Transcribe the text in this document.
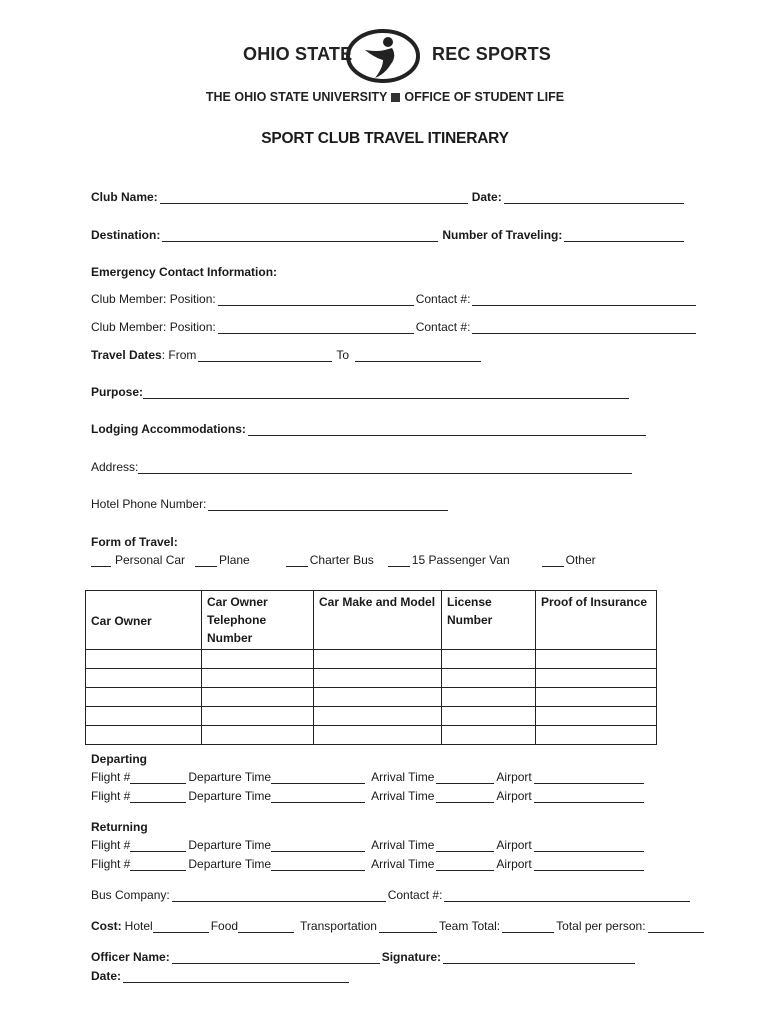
OHIO STATE	REC SPORTS
THE OHIO STATE UNIVERSITY OFFICE OF STUDENT LIFE
SPORT CLUB TRAVEL ITINERARY
Club Name:	Date:
Destination:	Number of Traveling:
Emergency Contact Information:
Club Member: Position:	Contact #:
Club Member: Position:	Contact #:
Travel Dates : From	To
Purpose:
Lodging Accommodations:
Address:
Hotel Phone Number:
Form of Travel:
Personal Car	Plane	Charter Bus	15 Passenger Van	Other
Car Owner	Car Owner Telephone Number	Car Make and Model	License Number	Proof of Insurance

Departing
Flight #	Departure Time	Arrival Time	Airport
Flight #	Departure Time	Arrival Time	Airport
Returning
Flight #	Departure Time	Arrival Time	Airport
Flight #	Departure Time	Arrival Time	Airport
Bus Company:	Contact #:
Cost: Hotel	Food	Transportation	Team Total:	Total per person:
Officer Name:	Signature:
Date:
